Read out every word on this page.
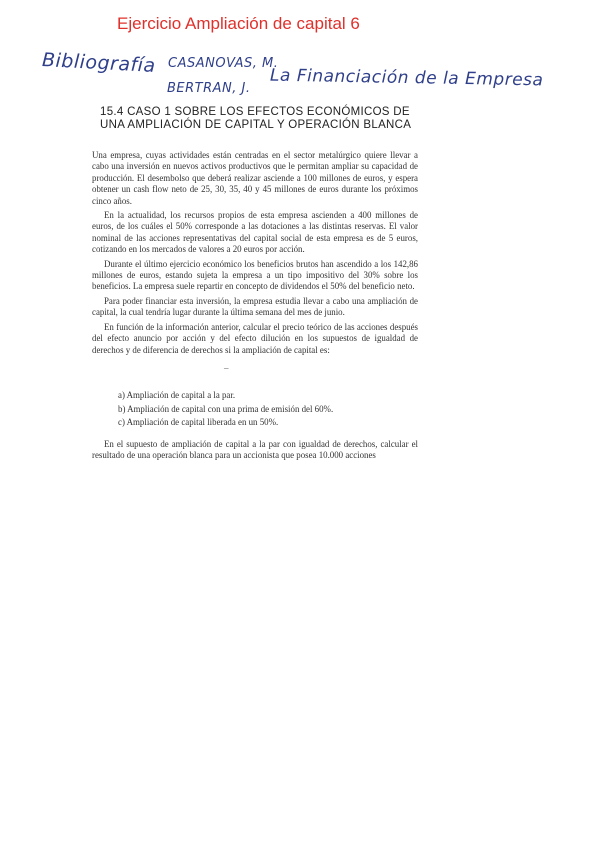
Ejercicio Ampliación de capital 6
Bibliografía CASANOVAS, M.
BERTRAN, J. La Financiación de la Empresa
15.4 CASO 1 SOBRE LOS EFECTOS ECONÓMICOS DE
UNA AMPLIACIÓN DE CAPITAL Y OPERACIÓN BLANCA

Una empresa, cuyas actividades están centradas en el sector metalúrgico quiere llevar a cabo una inversión en nuevos activos productivos que le permitan ampliar su capacidad de producción. El desembolso que deberá realizar asciende a 100 millones de euros, y espera obtener un cash flow neto de 25, 30, 35, 40 y 45 millones de euros durante los próximos cinco años.

En la actualidad, los recursos propios de esta empresa ascienden a 400 millones de euros, de los cuáles el 50% corresponde a las dotaciones a las distintas reservas. El valor nominal de las acciones representativas del capital social de esta empresa es de 5 euros, cotizando en los mercados de valores a 20 euros por acción.

Durante el último ejercicio económico los beneficios brutos han ascendido a los 142,86 millones de euros, estando sujeta la empresa a un tipo impositivo del 30% sobre los beneficios. La empresa suele repartir en concepto de dividendos el 50% del beneficio neto.

Para poder financiar esta inversión, la empresa estudia llevar a cabo una ampliación de capital, la cual tendría lugar durante la última semana del mes de junio.

En función de la información anterior, calcular el precio teórico de las acciones después del efecto anuncio por acción y del efecto dilución en los supuestos de igualdad de derechos y de diferencia de derechos si la ampliación de capital es:

–
a) Ampliación de capital a la par.
b) Ampliación de capital con una prima de emisión del 60%.
c) Ampliación de capital liberada en un 50%.

En el supuesto de ampliación de capital a la par con igualdad de derechos, calcular el resultado de una operación blanca para un accionista que posea 10.000 acciones
